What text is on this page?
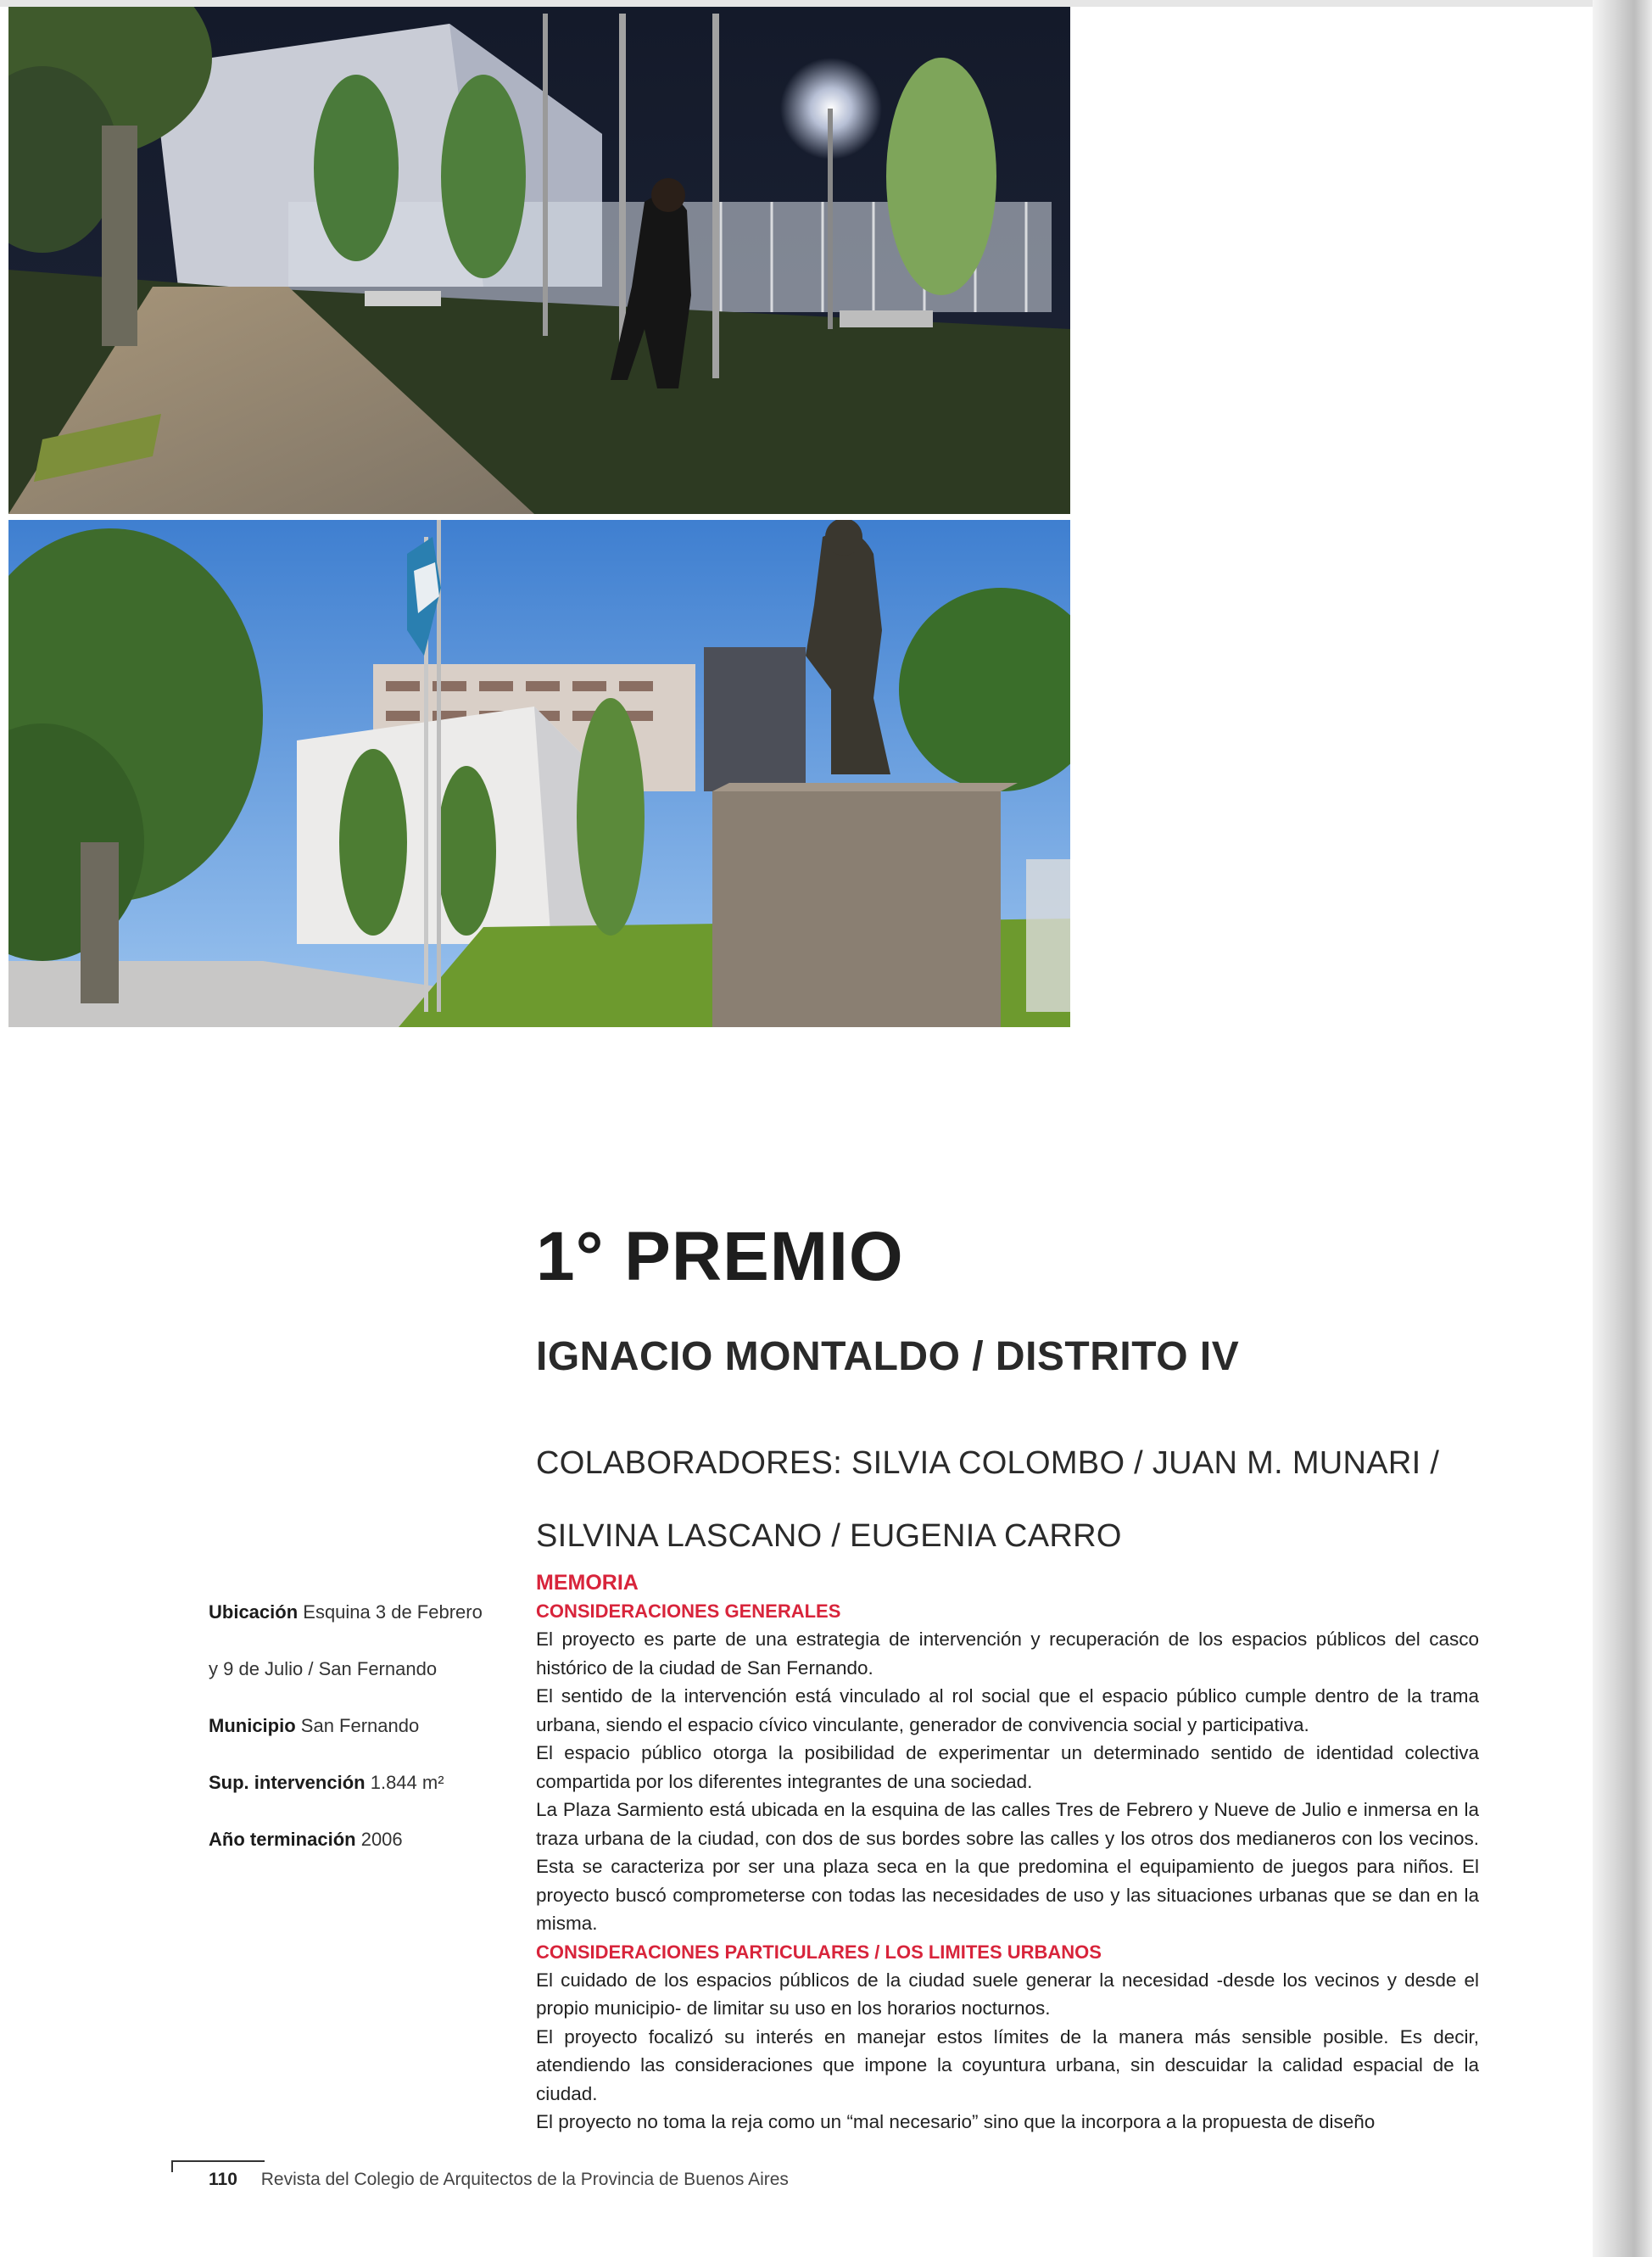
1° PREMIO
IGNACIO MONTALDO / DISTRITO IV
COLABORADORES: SILVIA COLOMBO / JUAN M. MUNARI /
SILVINA LASCANO / EUGENIA CARRO
Ubicación Esquina 3 de Febrero
y 9 de Julio / San Fernando
Municipio San Fernando
Sup. intervención 1.844 m²
Año terminación 2006
MEMORIA
CONSIDERACIONES GENERALES

El proyecto es parte de una estrategia de intervención y recuperación de los espacios públicos del casco histórico de la ciudad de San Fernando.

El sentido de la intervención está vinculado al rol social que el espacio público cumple dentro de la trama urbana, siendo el espacio cívico vinculante, generador de convivencia social y participativa.

El espacio público otorga la posibilidad de experimentar un determinado sentido de identidad colectiva compartida por los diferentes integrantes de una sociedad.

La Plaza Sarmiento está ubicada en la esquina de las calles Tres de Febrero y Nueve de Julio e inmersa en la traza urbana de la ciudad, con dos de sus bordes sobre las calles y los otros dos medianeros con los vecinos. Esta se caracteriza por ser una plaza seca en la que predomina el equipamiento de juegos para niños. El proyecto buscó comprometerse con todas las necesidades de uso y las situaciones urbanas que se dan en la misma.

CONSIDERACIONES PARTICULARES / LOS LIMITES URBANOS

El cuidado de los espacios públicos de la ciudad suele generar la necesidad -desde los vecinos y desde el propio municipio- de limitar su uso en los horarios nocturnos.

El proyecto focalizó su interés en manejar estos límites de la manera más sensible posible. Es decir, atendiendo las consideraciones que impone la coyuntura urbana, sin descuidar la calidad espacial de la ciudad.

El proyecto no toma la reja como un “mal necesario” sino que la incorpora a la propuesta de diseño

110 Revista del Colegio de Arquitectos de la Provincia de Buenos Aires
